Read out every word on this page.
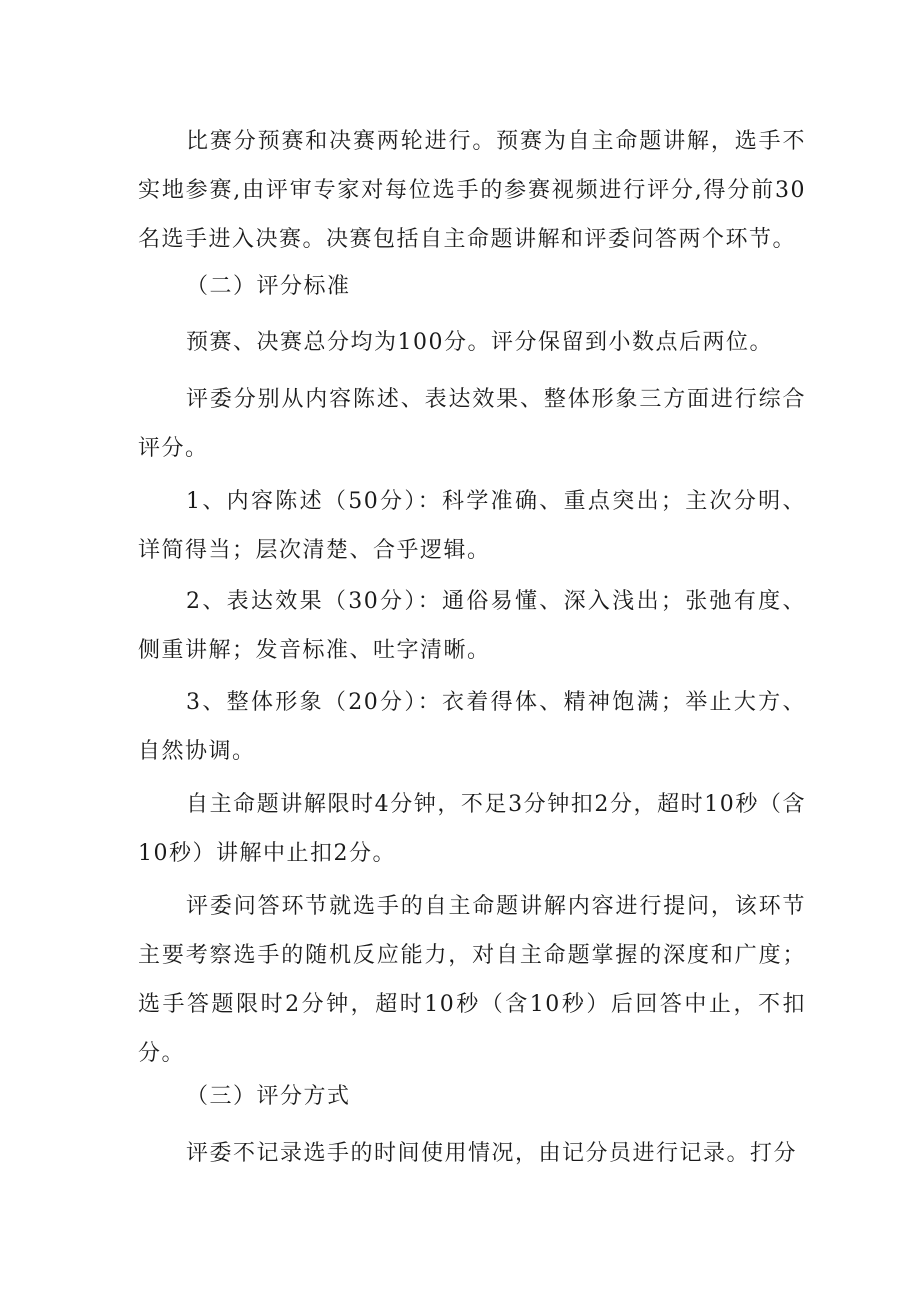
比赛分预赛和决赛两轮进行。预赛为自主命题讲解，选手不实地参赛,由评审专家对每位选手的参赛视频进行评分,得分前30名选手进入决赛。决赛包括自主命题讲解和评委问答两个环节。

（二）评分标准

预赛、决赛总分均为100分。评分保留到小数点后两位。

评委分别从内容陈述、表达效果、整体形象三方面进行综合评分。

1、内容陈述（50分）：科学准确、重点突出；主次分明、详简得当；层次清楚、合乎逻辑。

2、表达效果（30分）：通俗易懂、深入浅出；张弛有度、侧重讲解；发音标准、吐字清晰。

3、整体形象（20分）：衣着得体、精神饱满；举止大方、自然协调。

自主命题讲解限时4分钟，不足3分钟扣2分，超时10秒（含10秒）讲解中止扣2分。

评委问答环节就选手的自主命题讲解内容进行提问，该环节主要考察选手的随机反应能力，对自主命题掌握的深度和广度；选手答题限时2分钟，超时10秒（含10秒）后回答中止，不扣分。

（三）评分方式

评委不记录选手的时间使用情况，由记分员进行记录。打分
